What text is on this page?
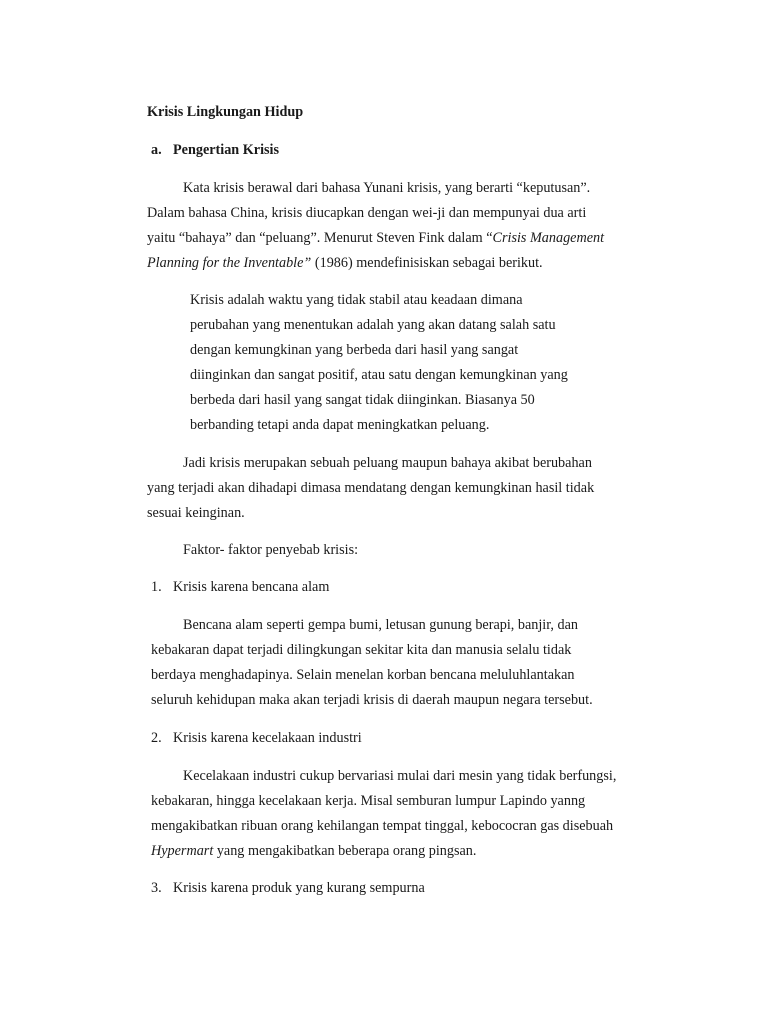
Krisis Lingkungan Hidup
a. Pengertian Krisis
Kata krisis berawal dari bahasa Yunani krisis, yang berarti “keputusan”.
Dalam bahasa China, krisis diucapkan dengan wei-ji dan mempunyai dua arti
yaitu “bahaya” dan “peluang”. Menurut Steven Fink dalam “Crisis Management
Planning for the Inventable” (1986) mendefinisiskan sebagai berikut.
Krisis adalah waktu yang tidak stabil atau keadaan dimana
perubahan yang menentukan adalah yang akan datang salah satu
dengan kemungkinan yang berbeda dari hasil yang sangat
diinginkan dan sangat positif, atau satu dengan kemungkinan yang
berbeda dari hasil yang sangat tidak diinginkan. Biasanya 50
berbanding tetapi anda dapat meningkatkan peluang.
Jadi krisis merupakan sebuah peluang maupun bahaya akibat berubahan
yang terjadi akan dihadapi dimasa mendatang dengan kemungkinan hasil tidak
sesuai keinginan.
Faktor- faktor penyebab krisis:
1. Krisis karena bencana alam
Bencana alam seperti gempa bumi, letusan gunung berapi, banjir, dan
kebakaran dapat terjadi dilingkungan sekitar kita dan manusia selalu tidak
berdaya menghadapinya. Selain menelan korban bencana meluluhlantakan
seluruh kehidupan maka akan terjadi krisis di daerah maupun negara tersebut.
2. Krisis karena kecelakaan industri
Kecelakaan industri cukup bervariasi mulai dari mesin yang tidak berfungsi,
kebakaran, hingga kecelakaan kerja. Misal semburan lumpur Lapindo yanng
mengakibatkan ribuan orang kehilangan tempat tinggal, kebococran gas disebuah
Hypermart yang mengakibatkan beberapa orang pingsan.
3. Krisis karena produk yang kurang sempurna
